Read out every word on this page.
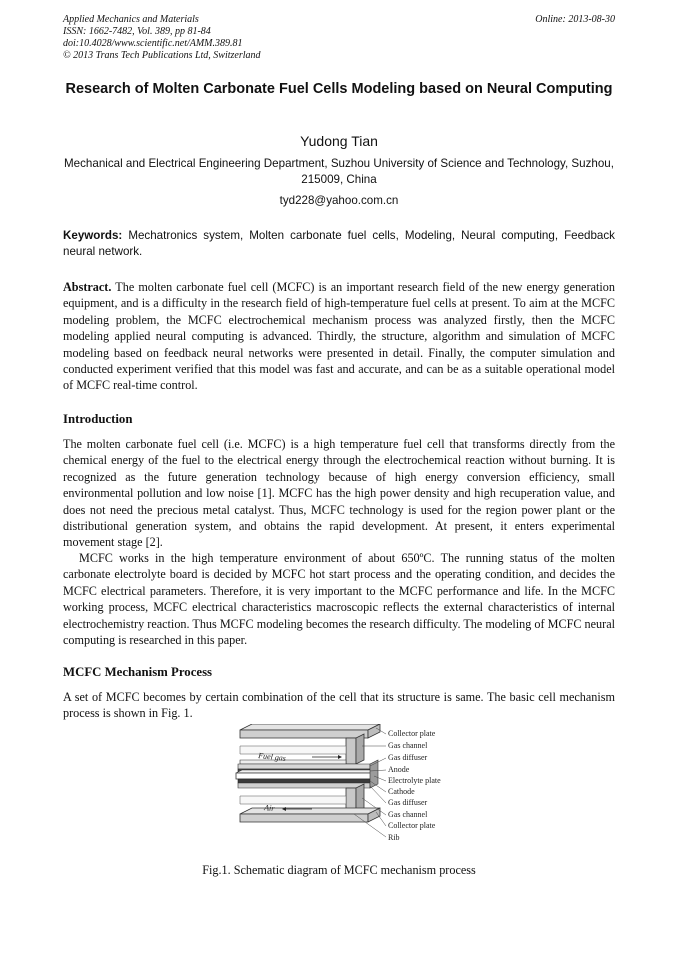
Applied Mechanics and Materials
ISSN: 1662-7482, Vol. 389, pp 81-84
doi:10.4028/www.scientific.net/AMM.389.81
© 2013 Trans Tech Publications Ltd, Switzerland
Online: 2013-08-30
Research of Molten Carbonate Fuel Cells Modeling based on Neural Computing
Yudong Tian
Mechanical and Electrical Engineering Department, Suzhou University of Science and Technology, Suzhou, 215009, China
tyd228@yahoo.com.cn
Keywords: Mechatronics system, Molten carbonate fuel cells, Modeling, Neural computing, Feedback neural network.
Abstract. The molten carbonate fuel cell (MCFC) is an important research field of the new energy generation equipment, and is a difficulty in the research field of high-temperature fuel cells at present. To aim at the MCFC modeling problem, the MCFC electrochemical mechanism process was analyzed firstly, then the MCFC modeling applied neural computing is advanced. Thirdly, the structure, algorithm and simulation of MCFC modeling based on feedback neural networks were presented in detail. Finally, the computer simulation and conducted experiment verified that this model was fast and accurate, and can be as a suitable operational model of MCFC real-time control.
Introduction
The molten carbonate fuel cell (i.e. MCFC) is a high temperature fuel cell that transforms directly from the chemical energy of the fuel to the electrical energy through the electrochemical reaction without burning. It is recognized as the future generation technology because of high energy conversion efficiency, small environmental pollution and low noise [1]. MCFC has the high power density and high recuperation value, and does not need the precious metal catalyst. Thus, MCFC technology is used for the region power plant or the distributional generation system, and obtains the rapid development. At present, it enters experimental movement stage [2].
MCFC works in the high temperature environment of about 650ºC. The running status of the molten carbonate electrolyte board is decided by MCFC hot start process and the operating condition, and decides the MCFC electrical parameters. Therefore, it is very important to the MCFC performance and life. In the MCFC working process, MCFC electrical characteristics macroscopic reflects the external characteristics of internal electrochemistry reaction. Thus MCFC modeling becomes the research difficulty. The modeling of MCFC neural computing is researched in this paper.
MCFC Mechanism Process
A set of MCFC becomes by certain combination of the cell that its structure is same. The basic cell mechanism process is shown in Fig. 1.
Fuel gas
Air
Collector plate
Gas channel
Gas diffuser
Anode
Electrolyte plate
Cathode
Gas diffuser
Gas channel
Collector plate
Rib
Fig.1. Schematic diagram of MCFC mechanism process
